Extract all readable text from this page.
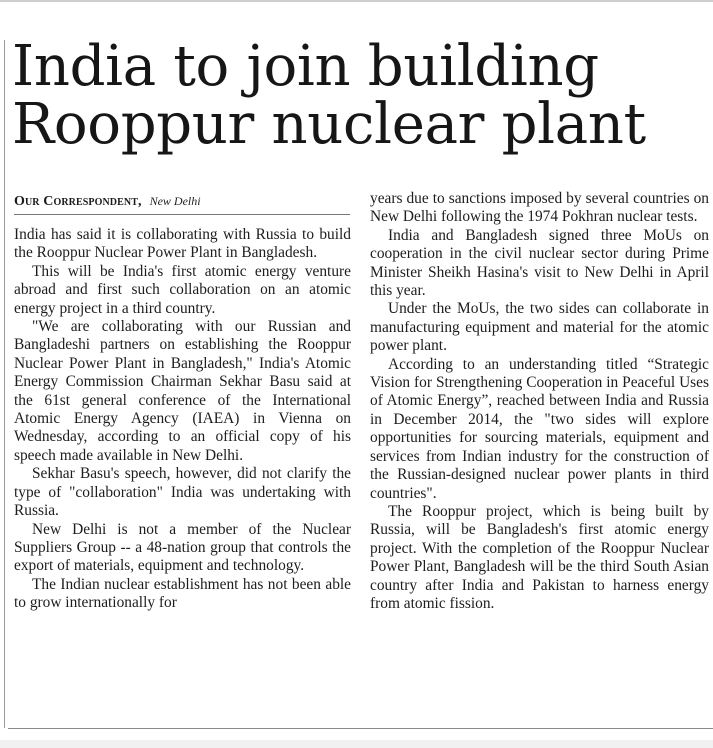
India to join building
Rooppur nuclear plant
Our Correspondent, New Delhi

India has said it is collaborating with Russia to build the Rooppur Nuclear Power Plant in Bangladesh.

This will be India's first atomic energy venture abroad and first such collaboration on an atomic energy project in a third country.

"We are collaborating with our Russian and Bangladeshi partners on establishing the Rooppur Nuclear Power Plant in Bangladesh," India's Atomic Energy Commission Chairman Sekhar Basu said at the 61st general conference of the International Atomic Energy Agency (IAEA) in Vienna on Wednesday, according to an official copy of his speech made available in New Delhi.

Sekhar Basu's speech, however, did not clarify the type of "collaboration" India was undertaking with Russia.

New Delhi is not a member of the Nuclear Suppliers Group -- a 48-nation group that controls the export of materials, equipment and technology.

The Indian nuclear establishment has not been able to grow internationally for

years due to sanctions imposed by several countries on New Delhi following the 1974 Pokhran nuclear tests.

India and Bangladesh signed three MoUs on cooperation in the civil nuclear sector during Prime Minister Sheikh Hasina's visit to New Delhi in April this year.

Under the MoUs, the two sides can collaborate in manufacturing equipment and material for the atomic power plant.

According to an understanding titled “Strategic Vision for Strengthening Cooperation in Peaceful Uses of Atomic Energy”, reached between India and Russia in December 2014, the "two sides will explore opportunities for sourcing materials, equipment and services from Indian industry for the construction of the Russian-designed nuclear power plants in third countries".

The Rooppur project, which is being built by Russia, will be Bangladesh's first atomic energy project. With the completion of the Rooppur Nuclear Power Plant, Bangladesh will be the third South Asian country after India and Pakistan to harness energy from atomic fission.
